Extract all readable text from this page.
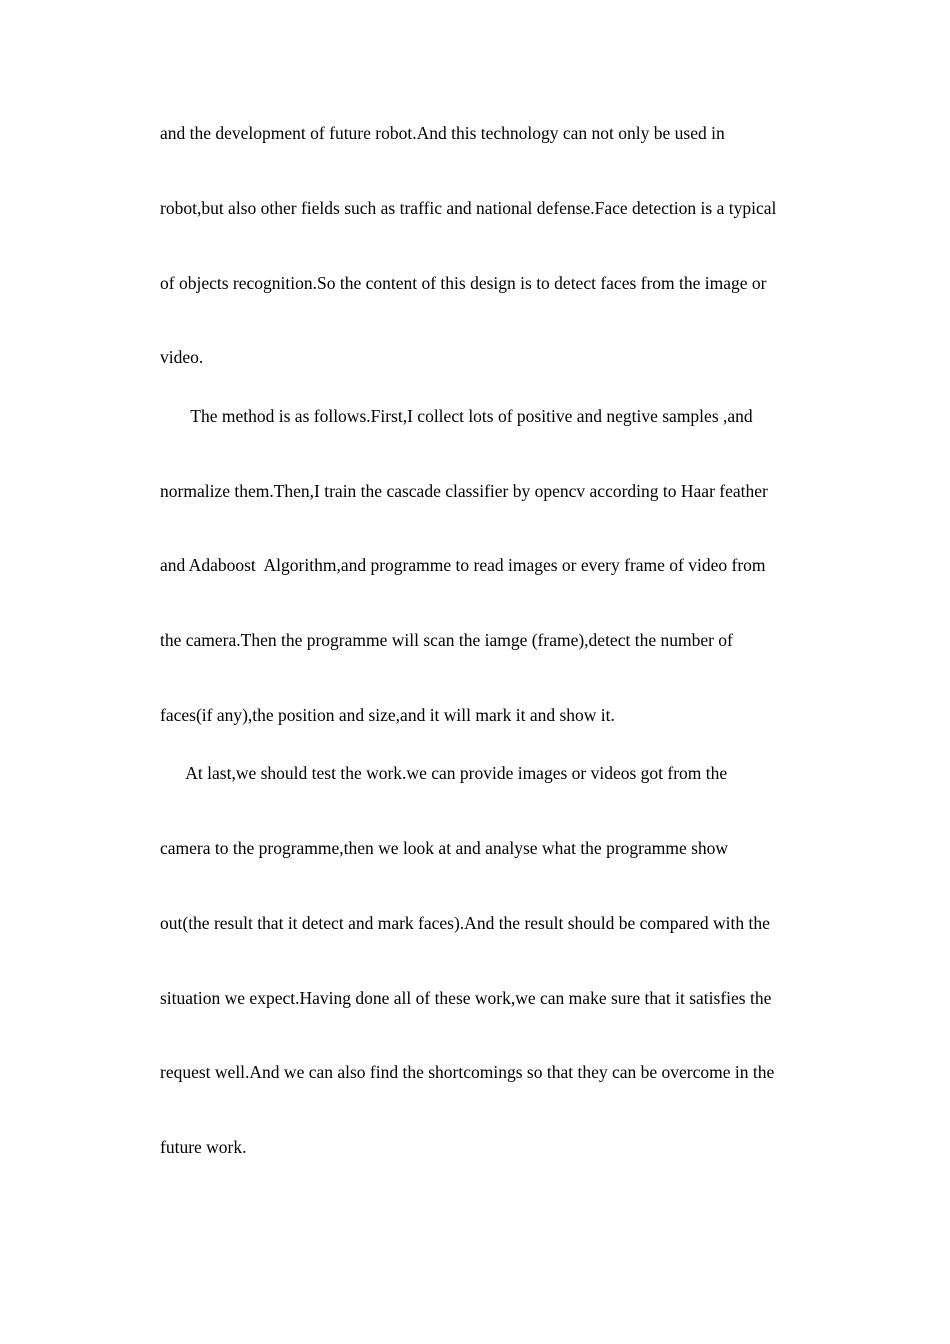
and the development of future robot.And this technology can not only be used in

robot,but also other fields such as traffic and national defense.Face detection is a typical

of objects recognition.So the content of this design is to detect faces from the image or

video.

The method is as follows.First,I collect lots of positive and negtive samples ,and

normalize them.Then,I train the cascade classifier by opencv according to Haar feather

and Adaboost  Algorithm,and programme to read images or every frame of video from

the camera.Then the programme will scan the iamge (frame),detect the number of

faces(if any),the position and size,and it will mark it and show it.

At last,we should test the work.we can provide images or videos got from the

camera to the programme,then we look at and analyse what the programme show

out(the result that it detect and mark faces).And the result should be compared with the

situation we expect.Having done all of these work,we can make sure that it satisfies the

request well.And we can also find the shortcomings so that they can be overcome in the

future work.
